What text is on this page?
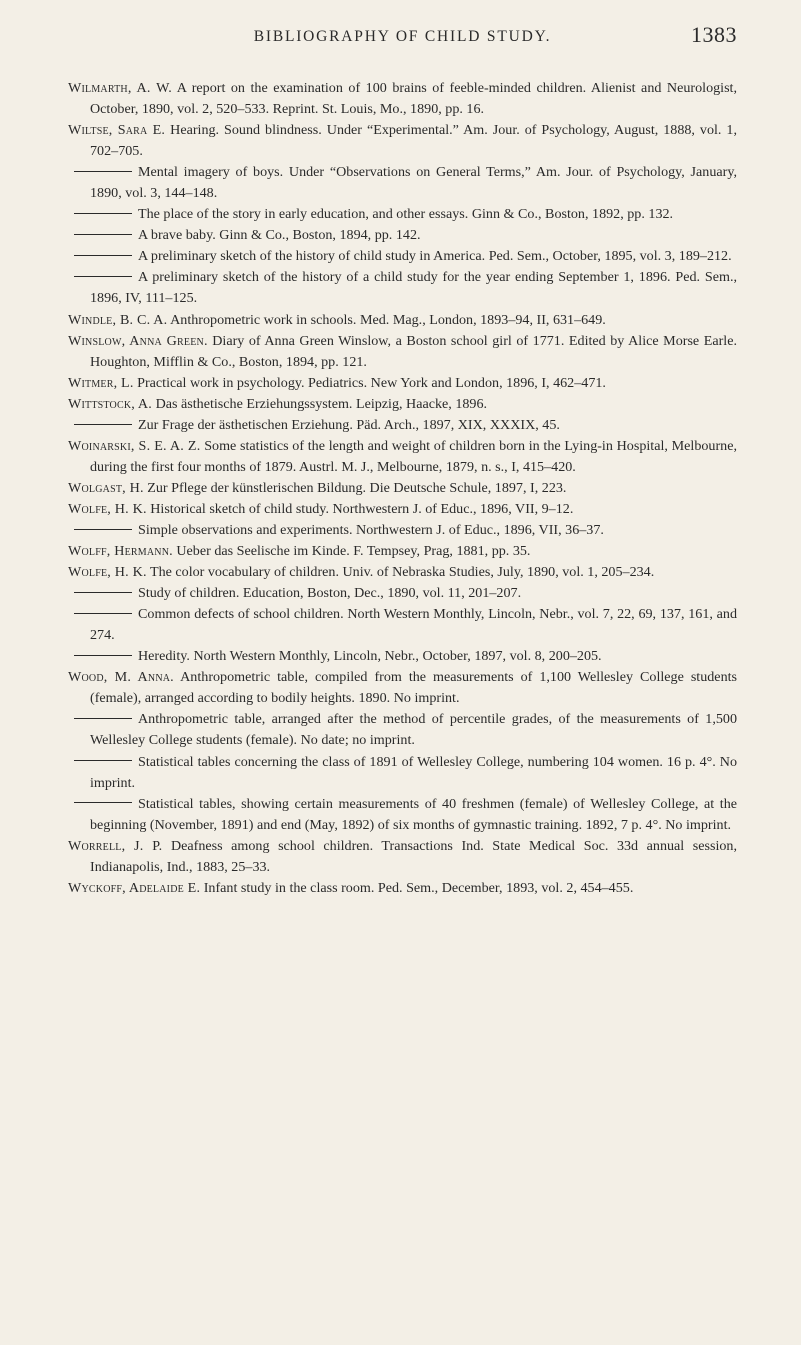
BIBLIOGRAPHY OF CHILD STUDY.	1383

Wilmarth, A. W. A report on the examination of 100 brains of feeble-minded children. Alienist and Neurologist, October, 1890, vol. 2, 520–533. Reprint. St. Louis, Mo., 1890, pp. 16.

Wiltse, Sara E. Hearing. Sound blindness. Under “Experimental.” Am. Jour. of Psychology, August, 1888, vol. 1, 702–705.

Mental imagery of boys. Under “Observations on General Terms,” Am. Jour. of Psychology, January, 1890, vol. 3, 144–148.

The place of the story in early education, and other essays. Ginn & Co., Boston, 1892, pp. 132.

A brave baby. Ginn & Co., Boston, 1894, pp. 142.

A preliminary sketch of the history of child study in America. Ped. Sem., October, 1895, vol. 3, 189–212.

A preliminary sketch of the history of a child study for the year ending September 1, 1896. Ped. Sem., 1896, IV, 111–125.

Windle, B. C. A. Anthropometric work in schools. Med. Mag., London, 1893–94, II, 631–649.

Winslow, Anna Green. Diary of Anna Green Winslow, a Boston school girl of 1771. Edited by Alice Morse Earle. Houghton, Mifflin & Co., Boston, 1894, pp. 121.

Witmer, L. Practical work in psychology. Pediatrics. New York and London, 1896, I, 462–471.

Wittstock, A. Das ästhetische Erziehungssystem. Leipzig, Haacke, 1896.

Zur Frage der ästhetischen Erziehung. Päd. Arch., 1897, XIX, XXXIX, 45.

Woinarski, S. E. A. Z. Some statistics of the length and weight of children born in the Lying-in Hospital, Melbourne, during the first four months of 1879. Austrl. M. J., Melbourne, 1879, n. s., I, 415–420.

Wolgast, H. Zur Pflege der künstlerischen Bildung. Die Deutsche Schule, 1897, I, 223.

Wolfe, H. K. Historical sketch of child study. Northwestern J. of Educ., 1896, VII, 9–12.

Simple observations and experiments. Northwestern J. of Educ., 1896, VII, 36–37.

Wolff, Hermann. Ueber das Seelische im Kinde. F. Tempsey, Prag, 1881, pp. 35.

Wolfe, H. K. The color vocabulary of children. Univ. of Nebraska Studies, July, 1890, vol. 1, 205–234.

Study of children. Education, Boston, Dec., 1890, vol. 11, 201–207.

Common defects of school children. North Western Monthly, Lincoln, Nebr., vol. 7, 22, 69, 137, 161, and 274.

Heredity. North Western Monthly, Lincoln, Nebr., October, 1897, vol. 8, 200–205.

Wood, M. Anna. Anthropometric table, compiled from the measurements of 1,100 Wellesley College students (female), arranged according to bodily heights. 1890. No imprint.

Anthropometric table, arranged after the method of percentile grades, of the measurements of 1,500 Wellesley College students (female). No date; no imprint.

Statistical tables concerning the class of 1891 of Wellesley College, numbering 104 women. 16 p. 4°. No imprint.

Statistical tables, showing certain measurements of 40 freshmen (female) of Wellesley College, at the beginning (November, 1891) and end (May, 1892) of six months of gymnastic training. 1892, 7 p. 4°. No imprint.

Worrell, J. P. Deafness among school children. Transactions Ind. State Medical Soc. 33d annual session, Indianapolis, Ind., 1883, 25–33.

Wyckoff, Adelaide E. Infant study in the class room. Ped. Sem., December, 1893, vol. 2, 454–455.
